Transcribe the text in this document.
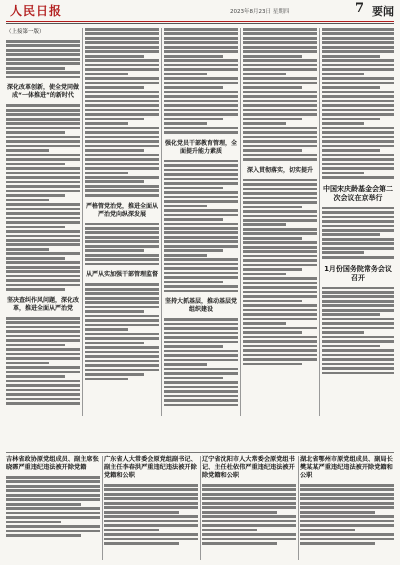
人民日报	2023年8月23日 星期四	7 要闻
（上接第一版）
深化改革创新，使全党同做成“一体推进”的新时代
坚决查纠作风问题，深化改革，推进全面从严治党
严格管党治党，推进全面从严治党向纵深发展
从严从实加强干部管理监督
强化党员干部教育管理，全面提升能力素质
坚持大抓基层，推动基层党组织建设
深入贯彻落实，切实提升
中国宋庆龄基金会第二次会议在京举行
1月份国务院常务会议召开
吉林省政协原党组成员、副主席张晓霈严重违纪违法被开除党籍
广东省人大常委会原党组副书记、副主任李春洪严重违纪违法被开除党籍和公职
辽宁省沈阳市人大常委会原党组书记、主任杜依伟严重违纪违法被开除党籍和公职
湖北省鄂州市原党组成员、副局长樊某某严重违纪违法被开除党籍和公职
